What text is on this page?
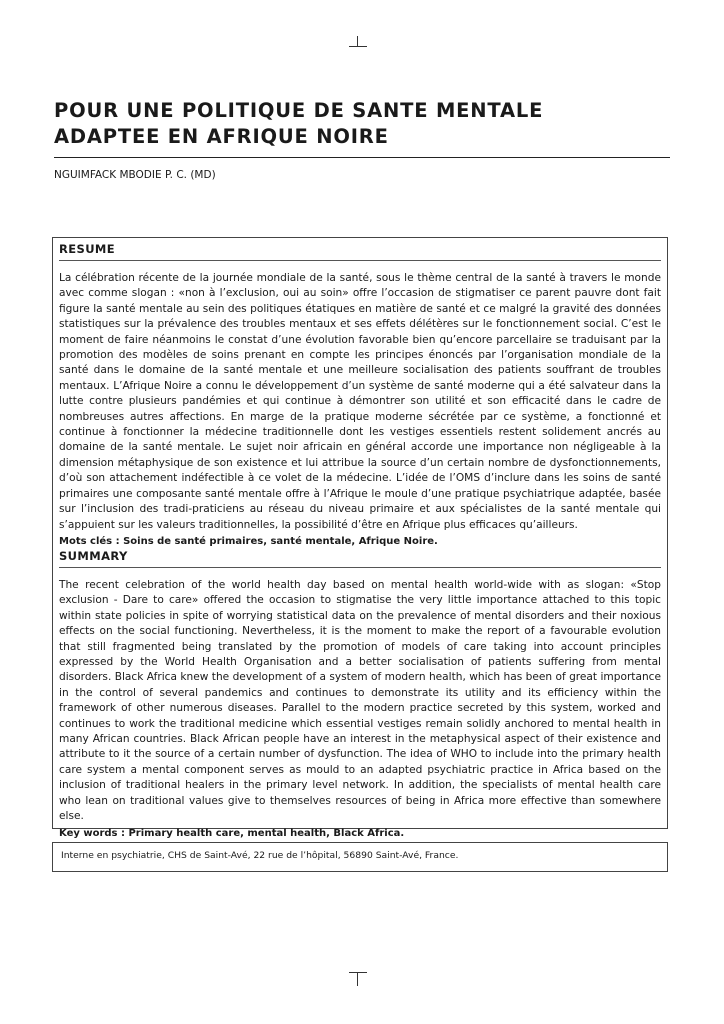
POUR UNE POLITIQUE DE SANTE MENTALE
ADAPTEE EN AFRIQUE NOIRE

NGUIMFACK MBODIE P. C. (MD)

RESUME

La célébration récente de la journée mondiale de la santé, sous le thème central de la santé à travers le monde avec comme slogan : «non à l’exclusion, oui au soin» offre l’occasion de stigmatiser ce parent pauvre dont fait figure la santé mentale au sein des politiques étatiques en matière de santé et ce malgré la gravité des données statistiques sur la prévalence des troubles mentaux et ses effets délétères sur le fonctionnement social. C’est le moment de faire néanmoins le constat d’une évolution favorable bien qu’encore parcellaire se traduisant par la promotion des modèles de soins prenant en compte les principes énoncés par l’organisation mondiale de la santé dans le domaine de la santé mentale et une meilleure socialisation des patients souffrant de troubles mentaux. L’Afrique Noire a connu le développement d’un système de santé moderne qui a été salvateur dans la lutte contre plusieurs pandémies et qui continue à démontrer son utilité et son efficacité dans le cadre de nombreuses autres affections. En marge de la pratique moderne sécrétée par ce système, a fonctionné et continue à fonctionner la médecine traditionnelle dont les vestiges essentiels restent solidement ancrés au domaine de la santé mentale. Le sujet noir africain en général accorde une importance non négligeable à la dimension métaphysique de son existence et lui attribue la source d’un certain nombre de dysfonctionnements, d’où son attachement indéfectible à ce volet de la médecine. L’idée de l’OMS d’inclure dans les soins de santé primaires une composante santé mentale offre à l’Afrique le moule d’une pratique psychiatrique adaptée, basée sur l’inclusion des tradi-praticiens au réseau du niveau primaire et aux spécialistes de la santé mentale qui s’appuient sur les valeurs traditionnelles, la possibilité d’être en Afrique plus efficaces qu’ailleurs.

Mots clés : Soins de santé primaires, santé mentale, Afrique Noire.

SUMMARY

The recent celebration of the world health day based on mental health world-wide with as slogan: «Stop exclusion - Dare to care» offered the occasion to stigmatise the very little importance attached to this topic within state policies in spite of worrying statistical data on the prevalence of mental disorders and their noxious effects on the social functioning. Nevertheless, it is the moment to make the report of a favourable evolution that still fragmented being translated by the promotion of models of care taking into account principles expressed by the World Health Organisation and a better socialisation of patients suffering from mental disorders. Black Africa knew the development of a system of modern health, which has been of great importance in the control of several pandemics and continues to demonstrate its utility and its efficiency within the framework of other numerous diseases. Parallel to the modern practice secreted by this system, worked and continues to work the traditional medicine which essential vestiges remain solidly anchored to mental health in many African countries. Black African people have an interest in the metaphysical aspect of their existence and attribute to it the source of a certain number of dysfunction. The idea of WHO to include into the primary health care system a mental component serves as mould to an adapted psychiatric practice in Africa based on the inclusion of traditional healers in the primary level network. In addition, the specialists of mental health care who lean on traditional values give to themselves resources of being in Africa more effective than somewhere else.

Key words : Primary health care, mental health, Black Africa.

Interne en psychiatrie, CHS de Saint-Avé, 22 rue de l’hôpital, 56890 Saint-Avé, France.
